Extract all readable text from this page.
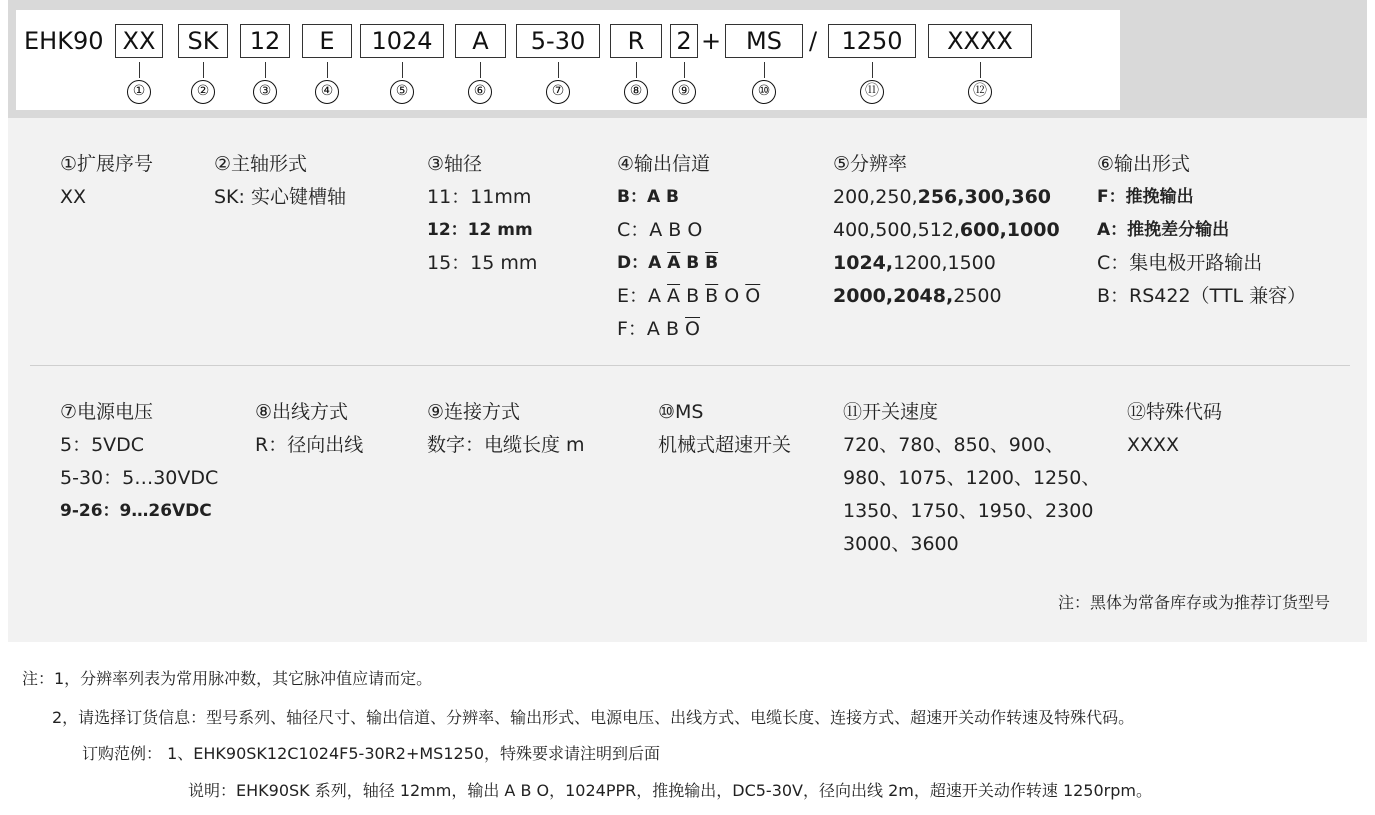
EHK90 XX	SK	12	E	1024	A	5-30	R	2 +	MS	/	1250	XXXX
①	②	③	④	⑤	⑥	⑦	⑧	⑨	⑩	⑪	⑫
①扩展序号
XX
②主轴形式
SK: 实心键槽轴
③轴径
11：11mm
12：12 mm
15：15 mm
④输出信道
B：A B
C：A B O
D：A $\overline{A}$ B $\overline{B}$
E：A $\overline{A}$ B $\overline{B}$ O $\overline{O}$
F：A B $\overline{O}$
⑤分辨率
200,250,256,300,360
400,500,512,600,1000
1024,1200,1500
2000,2048,2500
⑥输出形式
F：推挽输出
A：推挽差分输出
C：集电极开路输出
B：RS422（TTL 兼容）
⑦电源电压
5：5VDC
5-30：5…30VDC
9-26：9…26VDC
⑧出线方式
R：径向出线
⑨连接方式
数字：电缆长度 m
⑩MS
机械式超速开关
⑪开关速度
720、780、850、900、
980、1075、1200、1250、
1350、1750、1950、2300
3000、3600
⑫特殊代码
XXXX
注：黑体为常备库存或为推荐订货型号
注：1，分辨率列表为常用脉冲数，其它脉冲值应请而定。
2，请选择订货信息：型号系列、轴径尺寸、输出信道、分辨率、输出形式、电源电压、出线方式、电缆长度、连接方式、超速开关动作转速及特殊代码。
订购范例： 1、EHK90SK12C1024F5-30R2+MS1250，特殊要求请注明到后面
说明：EHK90SK 系列，轴径 12mm，输出 A B O，1024PPR，推挽输出，DC5-30V，径向出线 2m，超速开关动作转速 1250rpm。
